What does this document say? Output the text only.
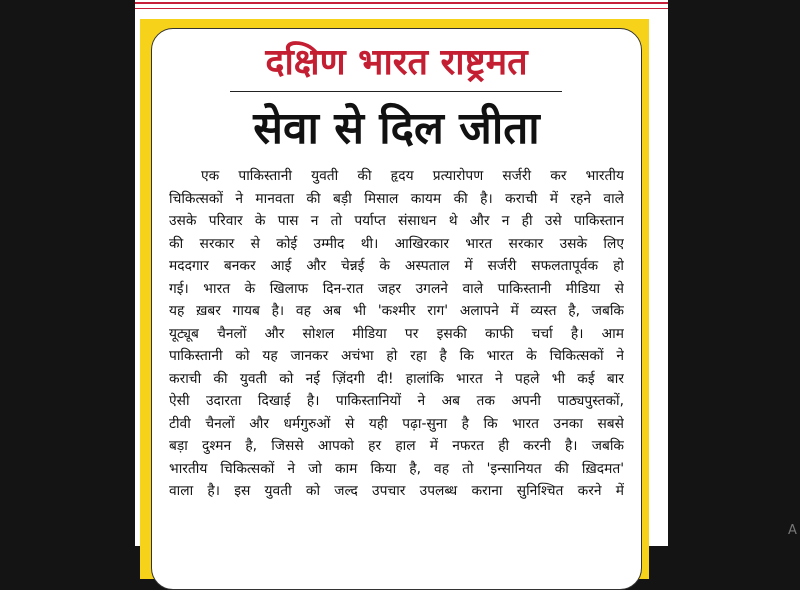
दक्षिण भारत राष्ट्रमत
सेवा से दिल जीता
एक पाकिस्तानी युवती की हृदय प्रत्यारोपण सर्जरी कर भारतीय
चिकित्सकों ने मानवता की बड़ी मिसाल कायम की है। कराची में रहने वाले
उसके परिवार के पास न तो पर्याप्त संसाधन थे और न ही उसे पाकिस्तान
की सरकार से कोई उम्मीद थी। आखिरकार भारत सरकार उसके लिए
मददगार बनकर आई और चेन्नई के अस्पताल में सर्जरी सफलतापूर्वक हो
गई। भारत के खिलाफ दिन-रात जहर उगलने वाले पाकिस्तानी मीडिया से
यह ख़बर गायब है। वह अब भी 'कश्मीर राग' अलापने में व्यस्त है, जबकि
यूट्यूब चैनलों और सोशल मीडिया पर इसकी काफी चर्चा है। आम
पाकिस्तानी को यह जानकर अचंभा हो रहा है कि भारत के चिकित्सकों ने
कराची की युवती को नई ज़िंदगी दी! हालांकि भारत ने पहले भी कई बार
ऐसी उदारता दिखाई है। पाकिस्तानियों ने अब तक अपनी पाठ्यपुस्तकों,
टीवी चैनलों और धर्मगुरुओं से यही पढ़ा-सुना है कि भारत उनका सबसे
बड़ा दुश्मन है, जिससे आपको हर हाल में नफरत ही करनी है। जबकि
भारतीय चिकित्सकों ने जो काम किया है, वह तो 'इन्सानियत की ख़िदमत'
वाला है। इस युवती को जल्द उपचार उपलब्ध कराना सुनिश्चित करने में
A
